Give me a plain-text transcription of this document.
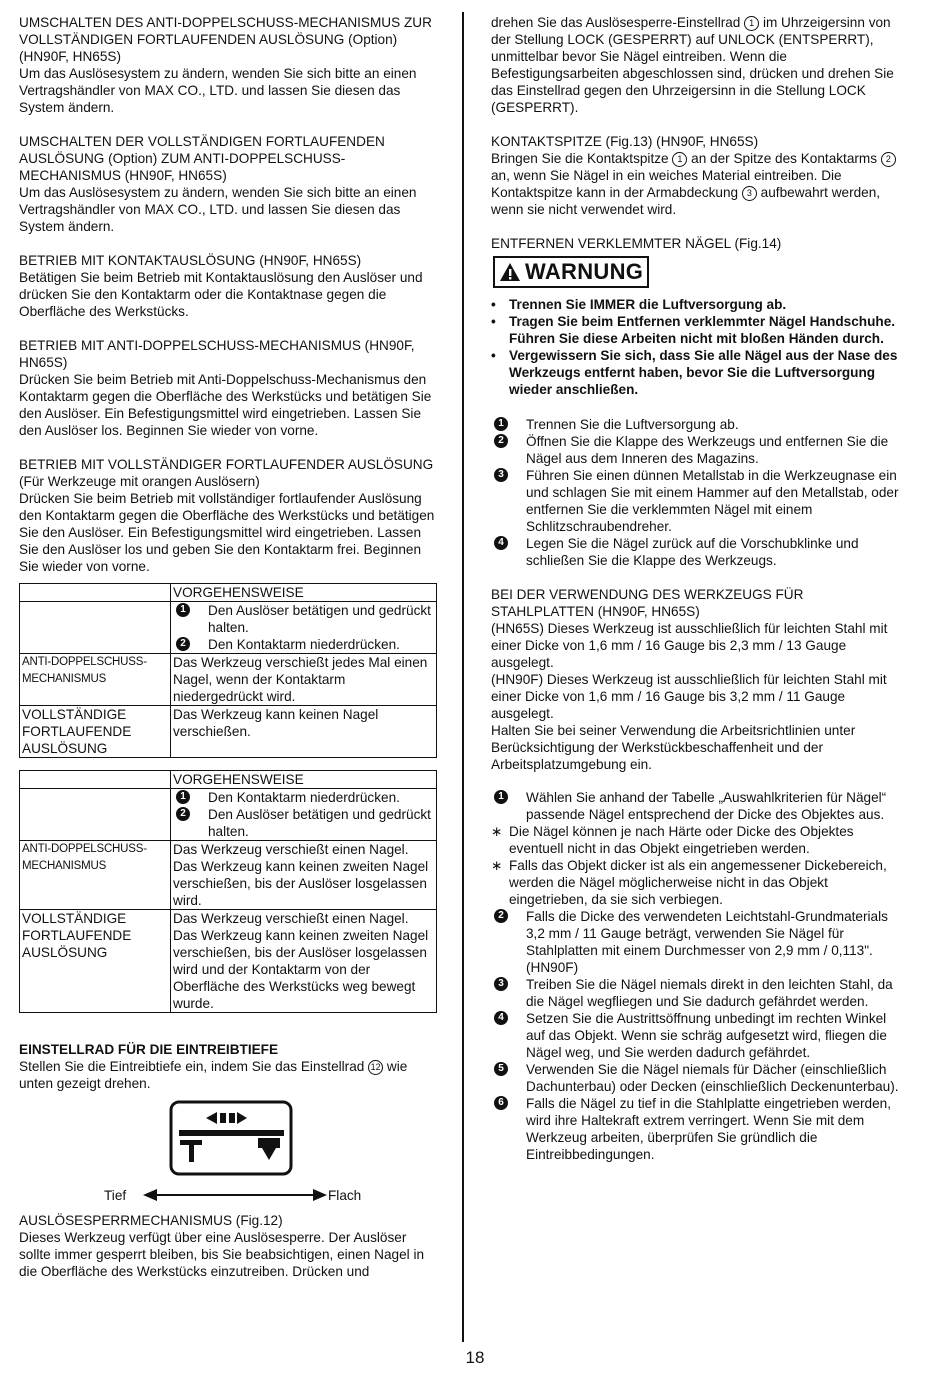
UMSCHALTEN DES ANTI-DOPPELSCHUSS-MECHANISMUS ZUR VOLLSTÄNDIGEN FORTLAUFENDEN AUSLÖSUNG (Option) (HN90F, HN65S)

Um das Auslösesystem zu ändern, wenden Sie sich bitte an einen Vertragshändler von MAX CO., LTD. und lassen Sie diesen das System ändern.

UMSCHALTEN DER VOLLSTÄNDIGEN FORTLAUFENDEN AUSLÖSUNG (Option) ZUM ANTI-DOPPELSCHUSS-MECHANISMUS (HN90F, HN65S)

Um das Auslösesystem zu ändern, wenden Sie sich bitte an einen Vertragshändler von MAX CO., LTD. und lassen Sie diesen das System ändern.

BETRIEB MIT KONTAKTAUSLÖSUNG (HN90F, HN65S)

Betätigen Sie beim Betrieb mit Kontaktauslösung den Auslöser und drücken Sie den Kontaktarm oder die Kontaktnase gegen die Oberfläche des Werkstücks.

BETRIEB MIT ANTI-DOPPELSCHUSS-MECHANISMUS (HN90F, HN65S)

Drücken Sie beim Betrieb mit Anti-Doppelschuss-Mechanismus den Kontaktarm gegen die Oberfläche des Werkstücks und betätigen Sie den Auslöser. Ein Befestigungsmittel wird eingetrieben. Lassen Sie den Auslöser los. Beginnen Sie wieder von vorne.

BETRIEB MIT VOLLSTÄNDIGER FORTLAUFENDER AUSLÖSUNG (Für Werkzeuge mit orangen Auslösern)

Drücken Sie beim Betrieb mit vollständiger fortlaufender Auslösung den Kontaktarm gegen die Oberfläche des Werkstücks und betätigen Sie den Auslöser. Ein Befestigungsmittel wird eingetrieben. Lassen Sie den Auslöser los und geben Sie den Kontaktarm frei. Beginnen Sie wieder von vorne.

	VORGEHENSWEISE

	1 Den Auslöser betätigen und gedrückt halten.
2 Den Kontaktarm niederdrücken.

ANTI-DOPPELSCHUSS-MECHANISMUS	Das Werkzeug verschießt jedes Mal einen Nagel, wenn der Kontaktarm niedergedrückt wird.
VOLLSTÄNDIGE FORTLAUFENDE AUSLÖSUNG	Das Werkzeug kann keinen Nagel verschießen.
	VORGEHENSWEISE

	1 Den Kontaktarm niederdrücken.
2 Den Auslöser betätigen und gedrückt halten.

ANTI-DOPPELSCHUSS-MECHANISMUS	Das Werkzeug verschießt einen Nagel. Das Werkzeug kann keinen zweiten Nagel verschießen, bis der Auslöser losgelassen wird.
VOLLSTÄNDIGE FORTLAUFENDE AUSLÖSUNG	Das Werkzeug verschießt einen Nagel. Das Werkzeug kann keinen zweiten Nagel verschießen, bis der Auslöser losgelassen wird und der Kontaktarm von der Oberfläche des Werkstücks weg bewegt wurde.

EINSTELLRAD FÜR DIE EINTREIBTIEFE

Stellen Sie die Eintreibtiefe ein, indem Sie das Einstellrad 12 wie unten gezeigt drehen.

Tief	Flach

AUSLÖSESPERRMECHANISMUS (Fig.12)

Dieses Werkzeug verfügt über eine Auslösesperre. Der Auslöser sollte immer gesperrt bleiben, bis Sie beabsichtigen, einen Nagel in die Oberfläche des Werkstücks einzutreiben. Drücken und

drehen Sie das Auslösesperre-Einstellrad 1 im Uhrzeigersinn von der Stellung LOCK (GESPERRT) auf UNLOCK (ENTSPERRT), unmittelbar bevor Sie Nägel eintreiben. Wenn die Befestigungsarbeiten abgeschlossen sind, drücken und drehen Sie das Einstellrad gegen den Uhrzeigersinn in die Stellung LOCK (GESPERRT).

KONTAKTSPITZE (Fig.13) (HN90F, HN65S)

Bringen Sie die Kontaktspitze 1 an der Spitze des Kontaktarms 2 an, wenn Sie Nägel in ein weiches Material eintreiben. Die Kontaktspitze kann in der Armabdeckung 3 aufbewahrt werden, wenn sie nicht verwendet wird.

ENTFERNEN VERKLEMMTER NÄGEL (Fig.14)

WARNUNG
• Trennen Sie IMMER die Luftversorgung ab.
• Tragen Sie beim Entfernen verklemmter Nägel Handschuhe. Führen Sie diese Arbeiten nicht mit bloßen Händen durch.
• Vergewissern Sie sich, dass Sie alle Nägel aus der Nase des Werkzeugs entfernt haben, bevor Sie die Luftversorgung wieder anschließen.
1	Trennen Sie die Luftversorgung ab.
2	Öffnen Sie die Klappe des Werkzeugs und entfernen Sie die Nägel aus dem Inneren des Magazins.
3	Führen Sie einen dünnen Metallstab in die Werkzeugnase ein und schlagen Sie mit einem Hammer auf den Metallstab, oder entfernen Sie die verklemmten Nägel mit einem Schlitzschraubendreher.
4	Legen Sie die Nägel zurück auf die Vorschubklinke und schließen Sie die Klappe des Werkzeugs.

BEI DER VERWENDUNG DES WERKZEUGS FÜR STAHLPLATTEN (HN90F, HN65S)

(HN65S) Dieses Werkzeug ist ausschließlich für leichten Stahl mit einer Dicke von 1,6 mm / 16 Gauge bis 2,3 mm / 13 Gauge ausgelegt.

(HN90F) Dieses Werkzeug ist ausschließlich für leichten Stahl mit einer Dicke von 1,6 mm / 16 Gauge bis 3,2 mm / 11 Gauge ausgelegt.

Halten Sie bei seiner Verwendung die Arbeitsrichtlinien unter Berücksichtigung der Werkstückbeschaffenheit und der Arbeitsplatzumgebung ein.

1	Wählen Sie anhand der Tabelle „Auswahlkriterien für Nägel“ passende Nägel entsprechend der Dicke des Objektes aus.
∗ Die Nägel können je nach Härte oder Dicke des Objektes eventuell nicht in das Objekt eingetrieben werden.
∗ Falls das Objekt dicker ist als ein angemessener Dickebereich, werden die Nägel möglicherweise nicht in das Objekt eingetrieben, da sie sich verbiegen.
2	Falls die Dicke des verwendeten Leichtstahl-Grundmaterials 3,2 mm / 11 Gauge beträgt, verwenden Sie Nägel für Stahlplatten mit einem Durchmesser von 2,9 mm / 0,113". (HN90F)
3	Treiben Sie die Nägel niemals direkt in den leichten Stahl, da die Nägel wegfliegen und Sie dadurch gefährdet werden.
4	Setzen Sie die Austrittsöffnung unbedingt im rechten Winkel auf das Objekt. Wenn sie schräg aufgesetzt wird, fliegen die Nägel weg, und Sie werden dadurch gefährdet.
5	Verwenden Sie die Nägel niemals für Dächer (einschließlich Dachunterbau) oder Decken (einschließlich Deckenunterbau).
6	Falls die Nägel zu tief in die Stahlplatte eingetrieben werden, wird ihre Haltekraft extrem verringert. Wenn Sie mit dem Werkzeug arbeiten, überprüfen Sie gründlich die Eintreibbedingungen.
18
